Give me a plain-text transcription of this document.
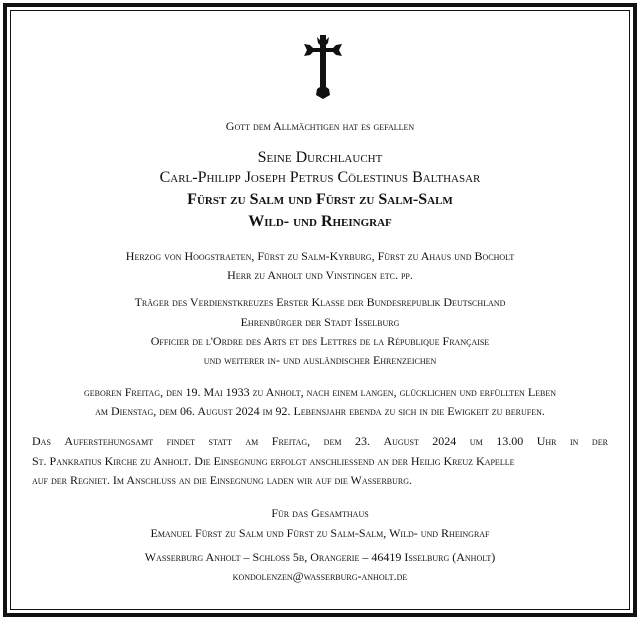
Gott dem Allmächtigen hat es gefallen
Seine Durchlaucht
Carl-Philipp Joseph Petrus Cölestinus Balthasar
Fürst zu Salm und Fürst zu Salm-Salm
Wild- und Rheingraf
Herzog von Hoogstraeten, Fürst zu Salm-Kyrburg, Fürst zu Ahaus und Bocholt
Herr zu Anholt und Vinstingen etc. pp.
Träger des Verdienstkreuzes Erster Klasse der Bundesrepublik Deutschland
Ehrenbürger der Stadt Isselburg
Officier de l'Ordre des Arts et des Lettres de la République Française
und weiterer in- und ausländischer Ehrenzeichen
geboren Freitag, den 19. Mai 1933 zu Anholt, nach einem langen, glücklichen und erfüllten Leben
am Dienstag, dem 06. August 2024 im 92. Lebensjahr ebenda zu sich in die Ewigkeit zu berufen.
Das Auferstehungsamt findet statt am Freitag, dem 23. August 2024 um 13.00 Uhr in der
St. Pankratius Kirche zu Anholt. Die Einsegnung erfolgt anschließend an der Heilig Kreuz Kapelle
auf der Regniet. Im Anschluss an die Einsegnung laden wir auf die Wasserburg.
Für das Gesamthaus
Emanuel Fürst zu Salm und Fürst zu Salm-Salm, Wild- und Rheingraf
Wasserburg Anholt – Schloss 5b, Orangerie – 46419 Isselburg (Anholt)
kondolenzen@wasserburg-anholt.de
